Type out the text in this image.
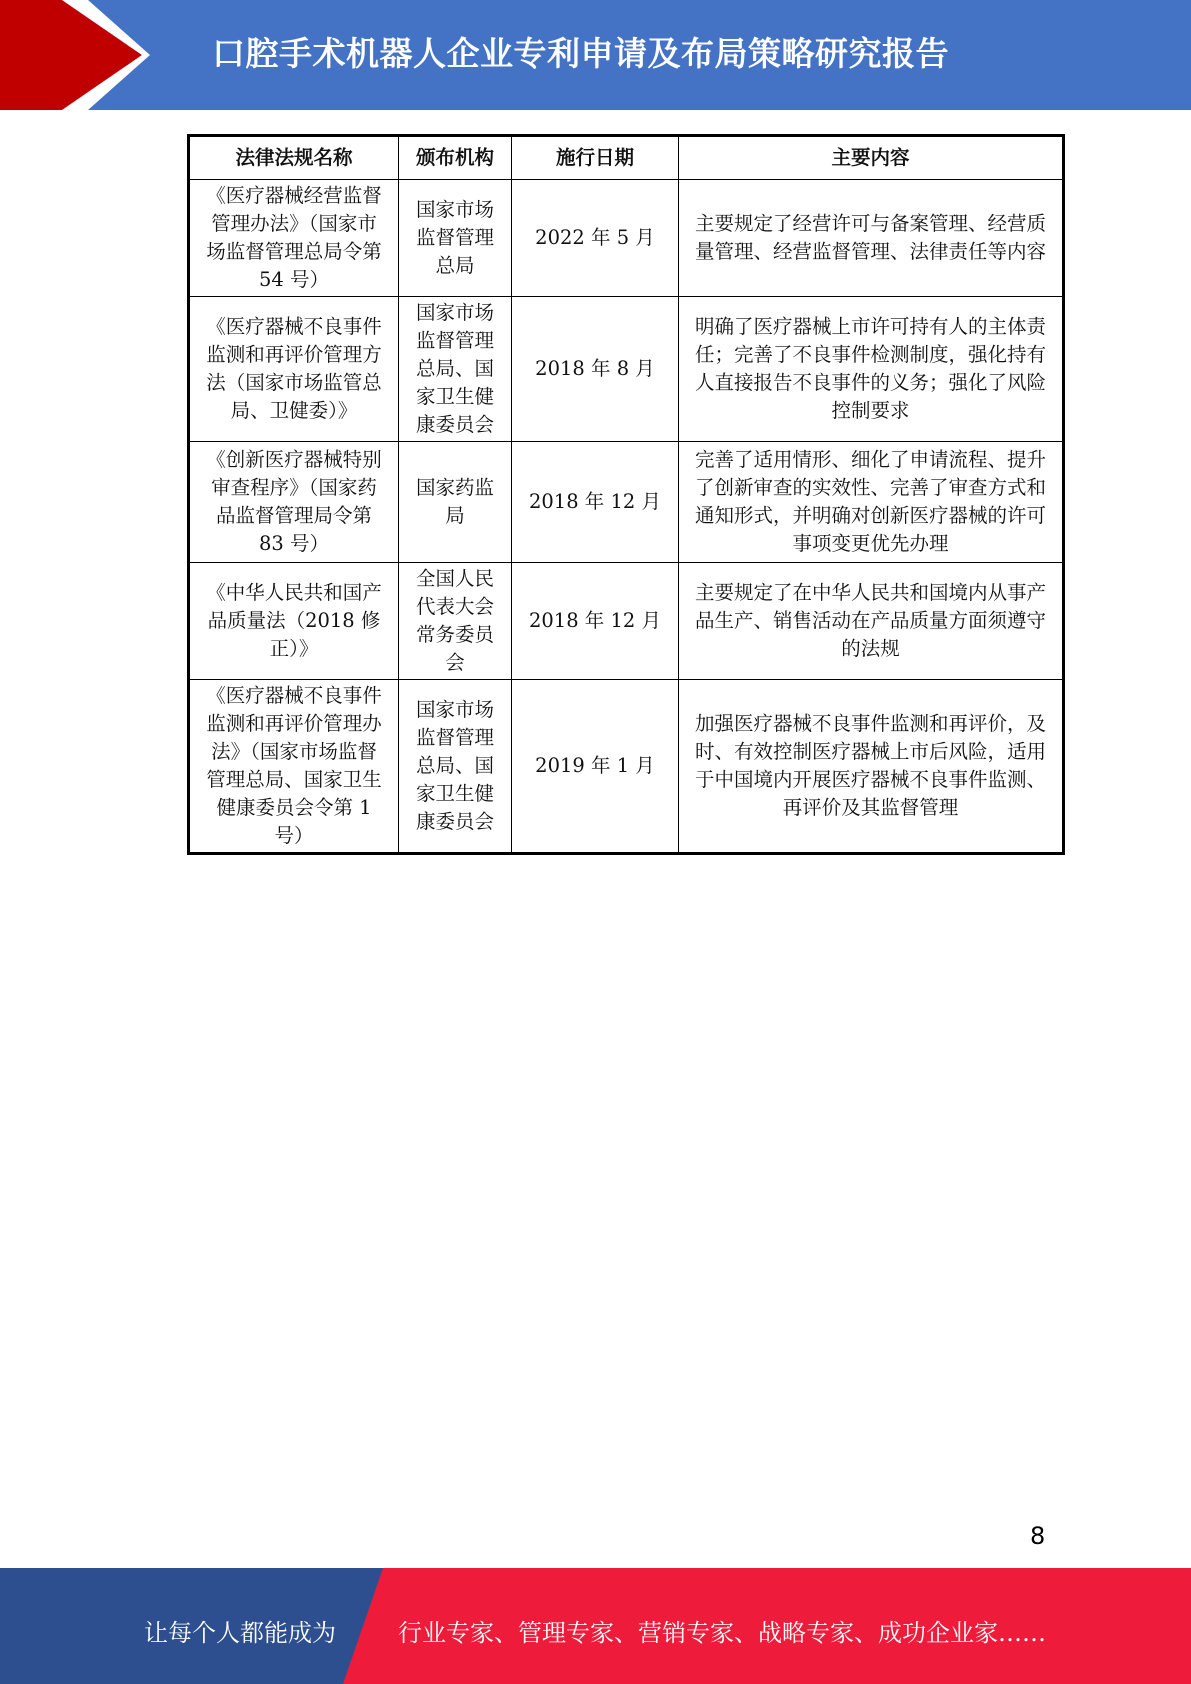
口腔手术机器人企业专利申请及布局策略研究报告
法律法规名称	颁布机构	施行日期	主要内容
《医疗器械经营监督管理办法》（国家市场监督管理总局令第 54 号）	国家市场监督管理总局	2022 年 5 月	主要规定了经营许可与备案管理、经营质量管理、经营监督管理、法律责任等内容
《医疗器械不良事件监测和再评价管理方法（国家市场监管总局、卫健委）》	国家市场监督管理总局、国家卫生健康委员会	2018 年 8 月	明确了医疗器械上市许可持有人的主体责任；完善了不良事件检测制度，强化持有人直接报告不良事件的义务；强化了风险控制要求
《创新医疗器械特别审查程序》（国家药品监督管理局令第 83 号）	国家药监局	2018 年 12 月	完善了适用情形、细化了申请流程、提升了创新审查的实效性、完善了审查方式和通知形式，并明确对创新医疗器械的许可事项变更优先办理
《中华人民共和国产品质量法（2018 修正）》	全国人民代表大会常务委员会	2018 年 12 月	主要规定了在中华人民共和国境内从事产品生产、销售活动在产品质量方面须遵守的法规
《医疗器械不良事件监测和再评价管理办法》（国家市场监督管理总局、国家卫生健康委员会令第 1 号）	国家市场监督管理总局、国家卫生健康委员会	2019 年 1 月	加强医疗器械不良事件监测和再评价，及时、有效控制医疗器械上市后风险，适用于中国境内开展医疗器械不良事件监测、再评价及其监督管理
8
让每个人都能成为	行业专家、管理专家、营销专家、战略专家、成功企业家……
